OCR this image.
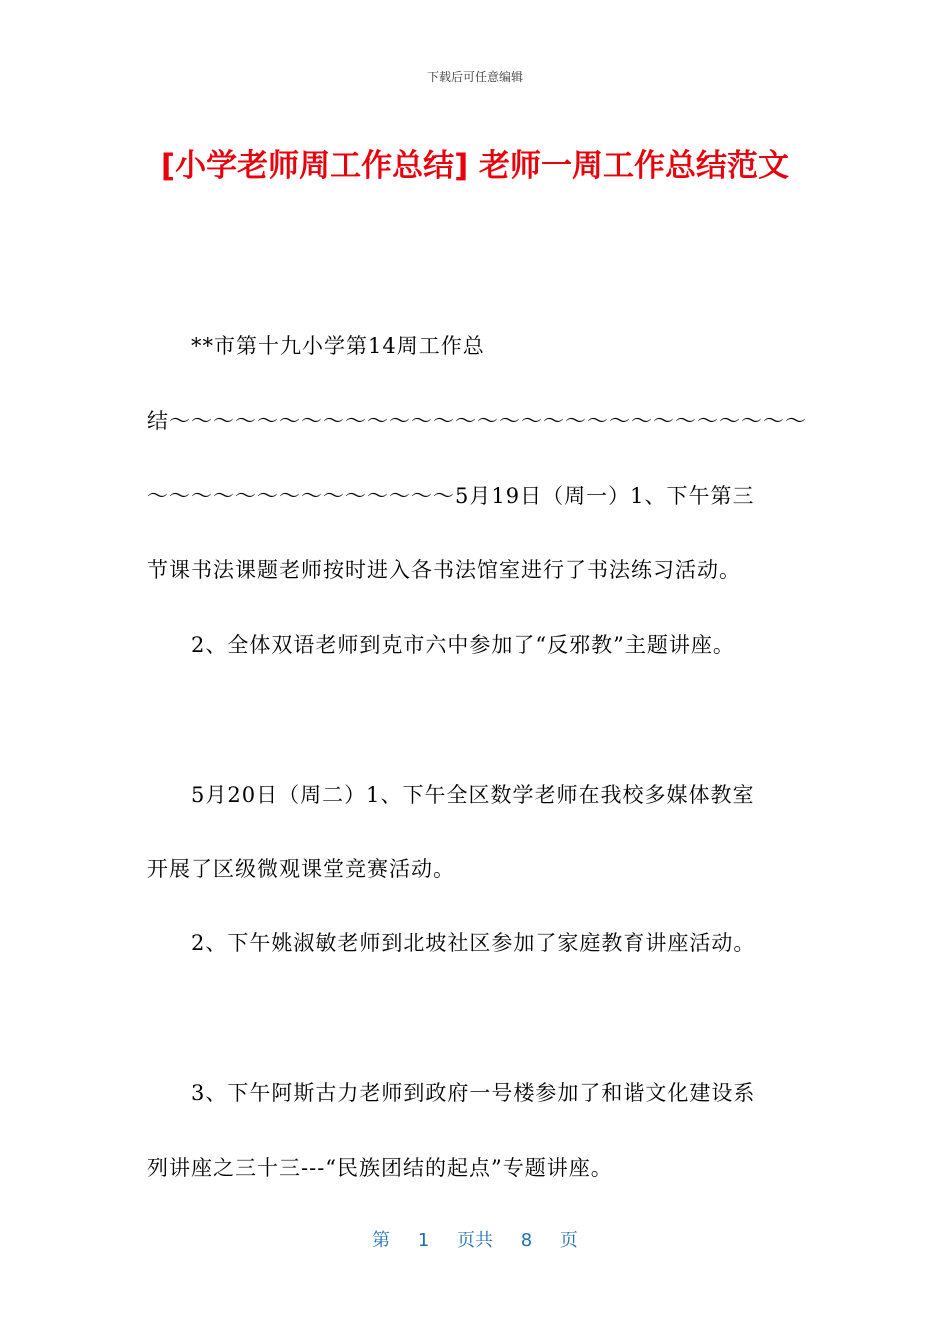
下载后可任意编辑
[小学老师周工作总结] 老师一周工作总结范文
**市第十九小学第14周工作总
结～～～～～～～～～～～～～～～～～～～～～～～～～～～～～
～～～～～～～～～～～～～～5月19日（周一）1、下午第三
节课书法课题老师按时进入各书法馆室进行了书法练习活动。
2、全体双语老师到克市六中参加了“反邪教”主题讲座。
5月20日（周二）1、下午全区数学老师在我校多媒体教室
开展了区级微观课堂竞赛活动。
2、下午姚淑敏老师到北坡社区参加了家庭教育讲座活动。
3、下午阿斯古力老师到政府一号楼参加了和谐文化建设系
列讲座之三十三---“民族团结的起点”专题讲座。
第 1 页共 8 页
